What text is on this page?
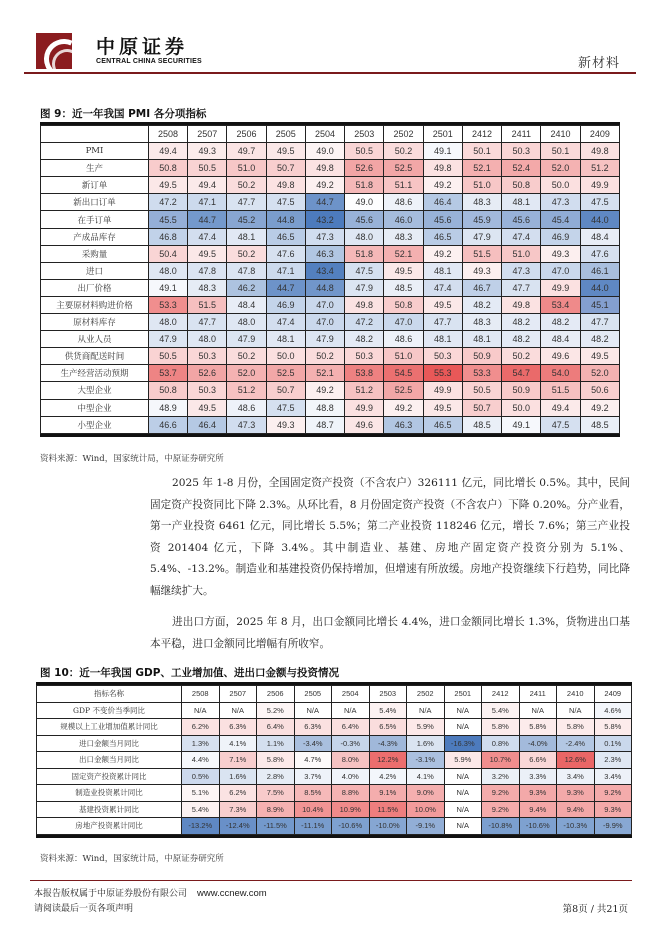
中原证券
CENTRAL CHINA SECURITIES	新材料
图 9：近一年我国 PMI 各分项指标
	2508	2507	2506	2505	2504	2503	2502	2501	2412	2411	2410	2409
PMI	49.4	49.3	49.7	49.5	49.0	50.5	50.2	49.1	50.1	50.3	50.1	49.8
生产	50.8	50.5	51.0	50.7	49.8	52.6	52.5	49.8	52.1	52.4	52.0	51.2
新订单	49.5	49.4	50.2	49.8	49.2	51.8	51.1	49.2	51.0	50.8	50.0	49.9
新出口订单	47.2	47.1	47.7	47.5	44.7	49.0	48.6	46.4	48.3	48.1	47.3	47.5
在手订单	45.5	44.7	45.2	44.8	43.2	45.6	46.0	45.6	45.9	45.6	45.4	44.0
产成品库存	46.8	47.4	48.1	46.5	47.3	48.0	48.3	46.5	47.9	47.4	46.9	48.4
采购量	50.4	49.5	50.2	47.6	46.3	51.8	52.1	49.2	51.5	51.0	49.3	47.6
进口	48.0	47.8	47.8	47.1	43.4	47.5	49.5	48.1	49.3	47.3	47.0	46.1
出厂价格	49.1	48.3	46.2	44.7	44.8	47.9	48.5	47.4	46.7	47.7	49.9	44.0
主要原材料购进价格	53.3	51.5	48.4	46.9	47.0	49.8	50.8	49.5	48.2	49.8	53.4	45.1
原材料库存	48.0	47.7	48.0	47.4	47.0	47.2	47.0	47.7	48.3	48.2	48.2	47.7
从业人员	47.9	48.0	47.9	48.1	47.9	48.2	48.6	48.1	48.1	48.2	48.4	48.2
供货商配送时间	50.5	50.3	50.2	50.0	50.2	50.3	51.0	50.3	50.9	50.2	49.6	49.5
生产经营活动预期	53.7	52.6	52.0	52.5	52.1	53.8	54.5	55.3	53.3	54.7	54.0	52.0
大型企业	50.8	50.3	51.2	50.7	49.2	51.2	52.5	49.9	50.5	50.9	51.5	50.6
中型企业	48.9	49.5	48.6	47.5	48.8	49.9	49.2	49.5	50.7	50.0	49.4	49.2
小型企业	46.6	46.4	47.3	49.3	48.7	49.6	46.3	46.5	48.5	49.1	47.5	48.5
资料来源：Wind，国家统计局，中原证券研究所
2025 年 1-8 月份，全国固定资产投资（不含农户）326111 亿元，同比增长 0.5%。其中，民间固定资产投资同比下降 2.3%。从环比看，8 月份固定资产投资（不含农户）下降 0.20%。分产业看，第一产业投资 6461 亿元，同比增长 5.5%；第二产业投资 118246 亿元，增长 7.6%；第三产业投资 201404 亿元，下降 3.4%。其中制造业、基建、房地产固定资产投资分别为 5.1%、5.4%、-13.2%。制造业和基建投资仍保持增加，但增速有所放缓。房地产投资继续下行趋势，同比降幅继续扩大。
进出口方面，2025 年 8 月，出口金额同比增长 4.4%，进口金额同比增长 1.3%，货物进出口基本平稳，进口金额同比增幅有所收窄。
图 10：近一年我国 GDP、工业增加值、进出口金额与投资情况
指标名称	2508	2507	2506	2505	2504	2503	2502	2501	2412	2411	2410	2409
GDP 不变价当季同比	N/A	N/A	5.2%	N/A	N/A	5.4%	N/A	N/A	5.4%	N/A	N/A	4.6%
规模以上工业增加值累计同比	6.2%	6.3%	6.4%	6.3%	6.4%	6.5%	5.9%	N/A	5.8%	5.8%	5.8%	5.8%
进口金额当月同比	1.3%	4.1%	1.1%	-3.4%	-0.3%	-4.3%	1.6%	-16.3%	0.8%	-4.0%	-2.4%	0.1%
出口金额当月同比	4.4%	7.1%	5.8%	4.7%	8.0%	12.2%	-3.1%	5.9%	10.7%	6.6%	12.6%	2.3%
固定资产投资累计同比	0.5%	1.6%	2.8%	3.7%	4.0%	4.2%	4.1%	N/A	3.2%	3.3%	3.4%	3.4%
制造业投资累计同比	5.1%	6.2%	7.5%	8.5%	8.8%	9.1%	9.0%	N/A	9.2%	9.3%	9.3%	9.2%
基建投资累计同比	5.4%	7.3%	8.9%	10.4%	10.9%	11.5%	10.0%	N/A	9.2%	9.4%	9.4%	9.3%
房地产投资累计同比	-13.2%	-12.4%	-11.5%	-11.1%	-10.6%	-10.0%	-9.1%	N/A	-10.8%	-10.6%	-10.3%	-9.9%
资料来源：Wind，国家统计局，中原证券研究所
本报告版权属于中原证券股份有限公司 www.ccnew.com
请阅读最后一页各项声明	第8页 / 共21页
